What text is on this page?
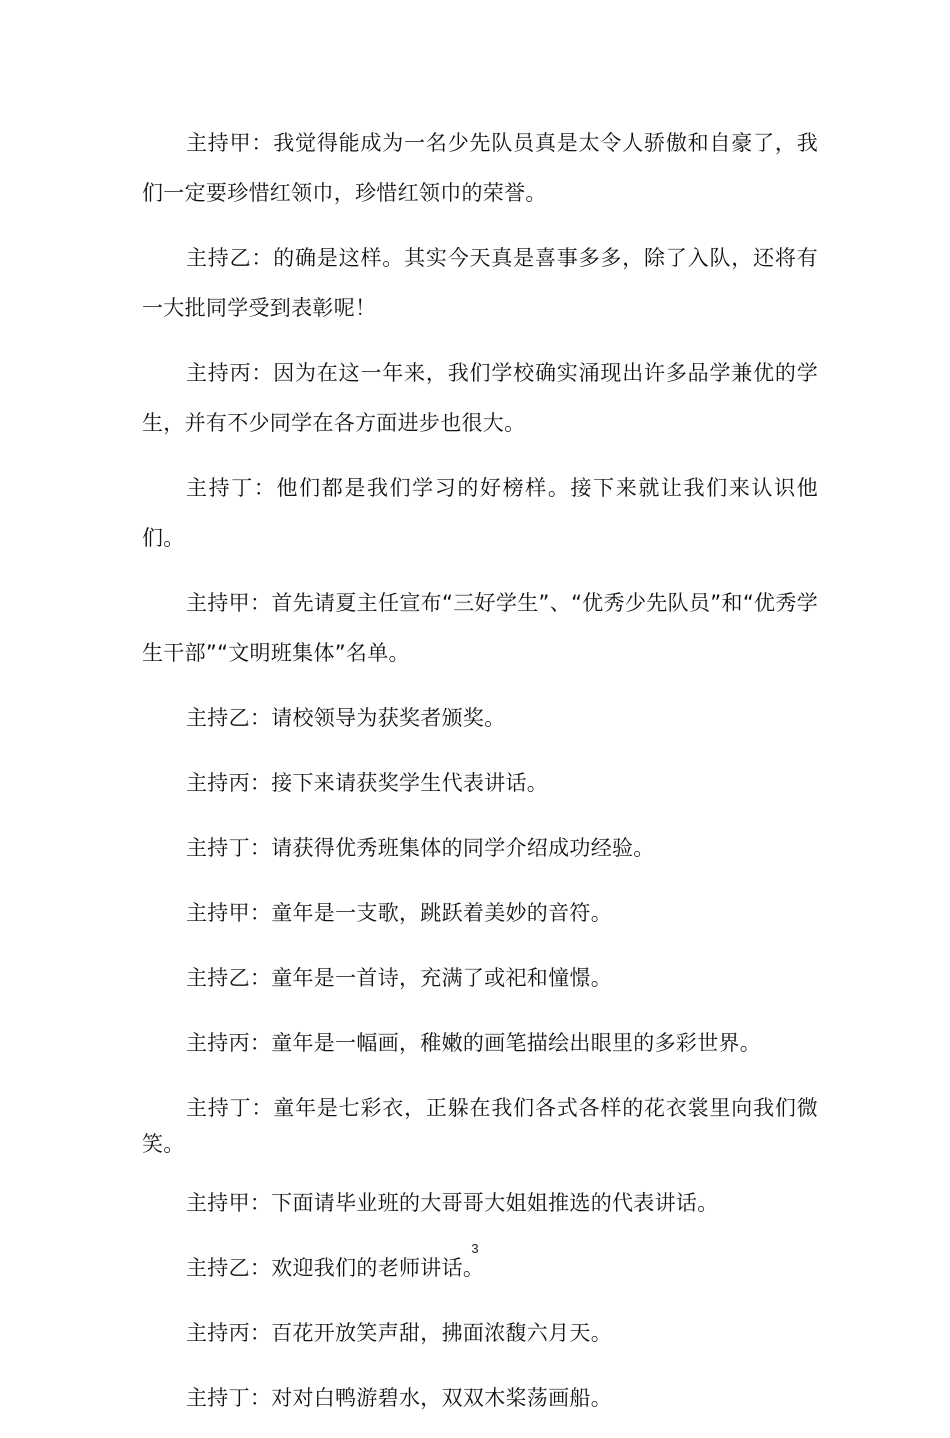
主持甲：我觉得能成为一名少先队员真是太令人骄傲和自豪了，我们一定要珍惜红领巾，珍惜红领巾的荣誉。

主持乙：的确是这样。其实今天真是喜事多多，除了入队，还将有一大批同学受到表彰呢！

主持丙：因为在这一年来，我们学校确实涌现出许多品学兼优的学生，并有不少同学在各方面进步也很大。

主持丁：他们都是我们学习的好榜样。接下来就让我们来认识他们。

主持甲：首先请夏主任宣布“三好学生”、“优秀少先队员”和“优秀学生干部”“文明班集体”名单。

主持乙：请校领导为获奖者颁奖。

主持丙：接下来请获奖学生代表讲话。

主持丁：请获得优秀班集体的同学介绍成功经验。

主持甲：童年是一支歌，跳跃着美妙的音符。

主持乙：童年是一首诗，充满了或祀和憧憬。

主持丙：童年是一幅画，稚嫩的画笔描绘出眼里的多彩世界。

主持丁：童年是七彩衣，正躲在我们各式各样的花衣裳里向我们微笑。

主持甲：下面请毕业班的大哥哥大姐姐推选的代表讲话。

主持乙：欢迎我们的老师讲话。

主持丙：百花开放笑声甜，拂面浓馥六月天。

主持丁：对对白鸭游碧水，双双木桨荡画船。

3
